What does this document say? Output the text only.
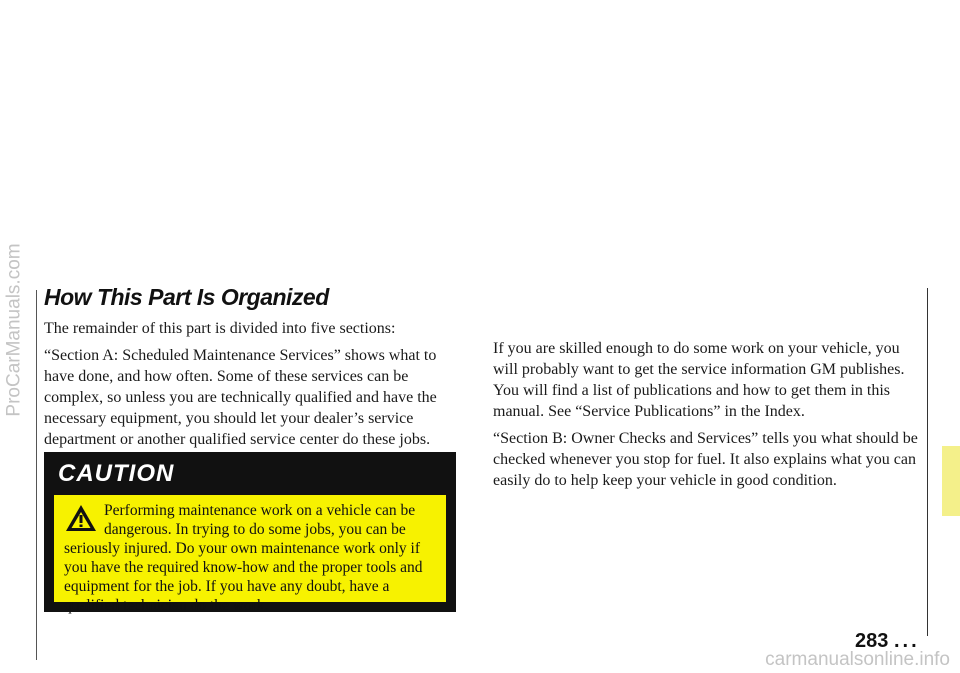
ProCarManuals.com
carmanualsonline.info
How This Part Is Organized

The remainder of this part is divided into five sections:

“Section A: Scheduled Maintenance Services” shows what to have done, and how often. Some of these services can be complex, so unless you are technically qualified and have the necessary equipment, you should let your dealer’s service department or another qualified service center do these jobs.

CAUTION
Performing maintenance work on a vehicle can be dangerous. In trying to do some jobs, you can be seriously injured. Do your own maintenance work only if you have the required know-how and the proper tools and equipment for the job. If you have any doubt, have a qualified technician do the work.

If you are skilled enough to do some work on your vehicle, you will probably want to get the service information GM publishes. You will find a list of publications and how to get them in this manual. See “Service Publications” in the Index.

“Section B: Owner Checks and Services” tells you what should be checked whenever you stop for fuel. It also explains what you can easily do to help keep your vehicle in good condition.

283 ...
